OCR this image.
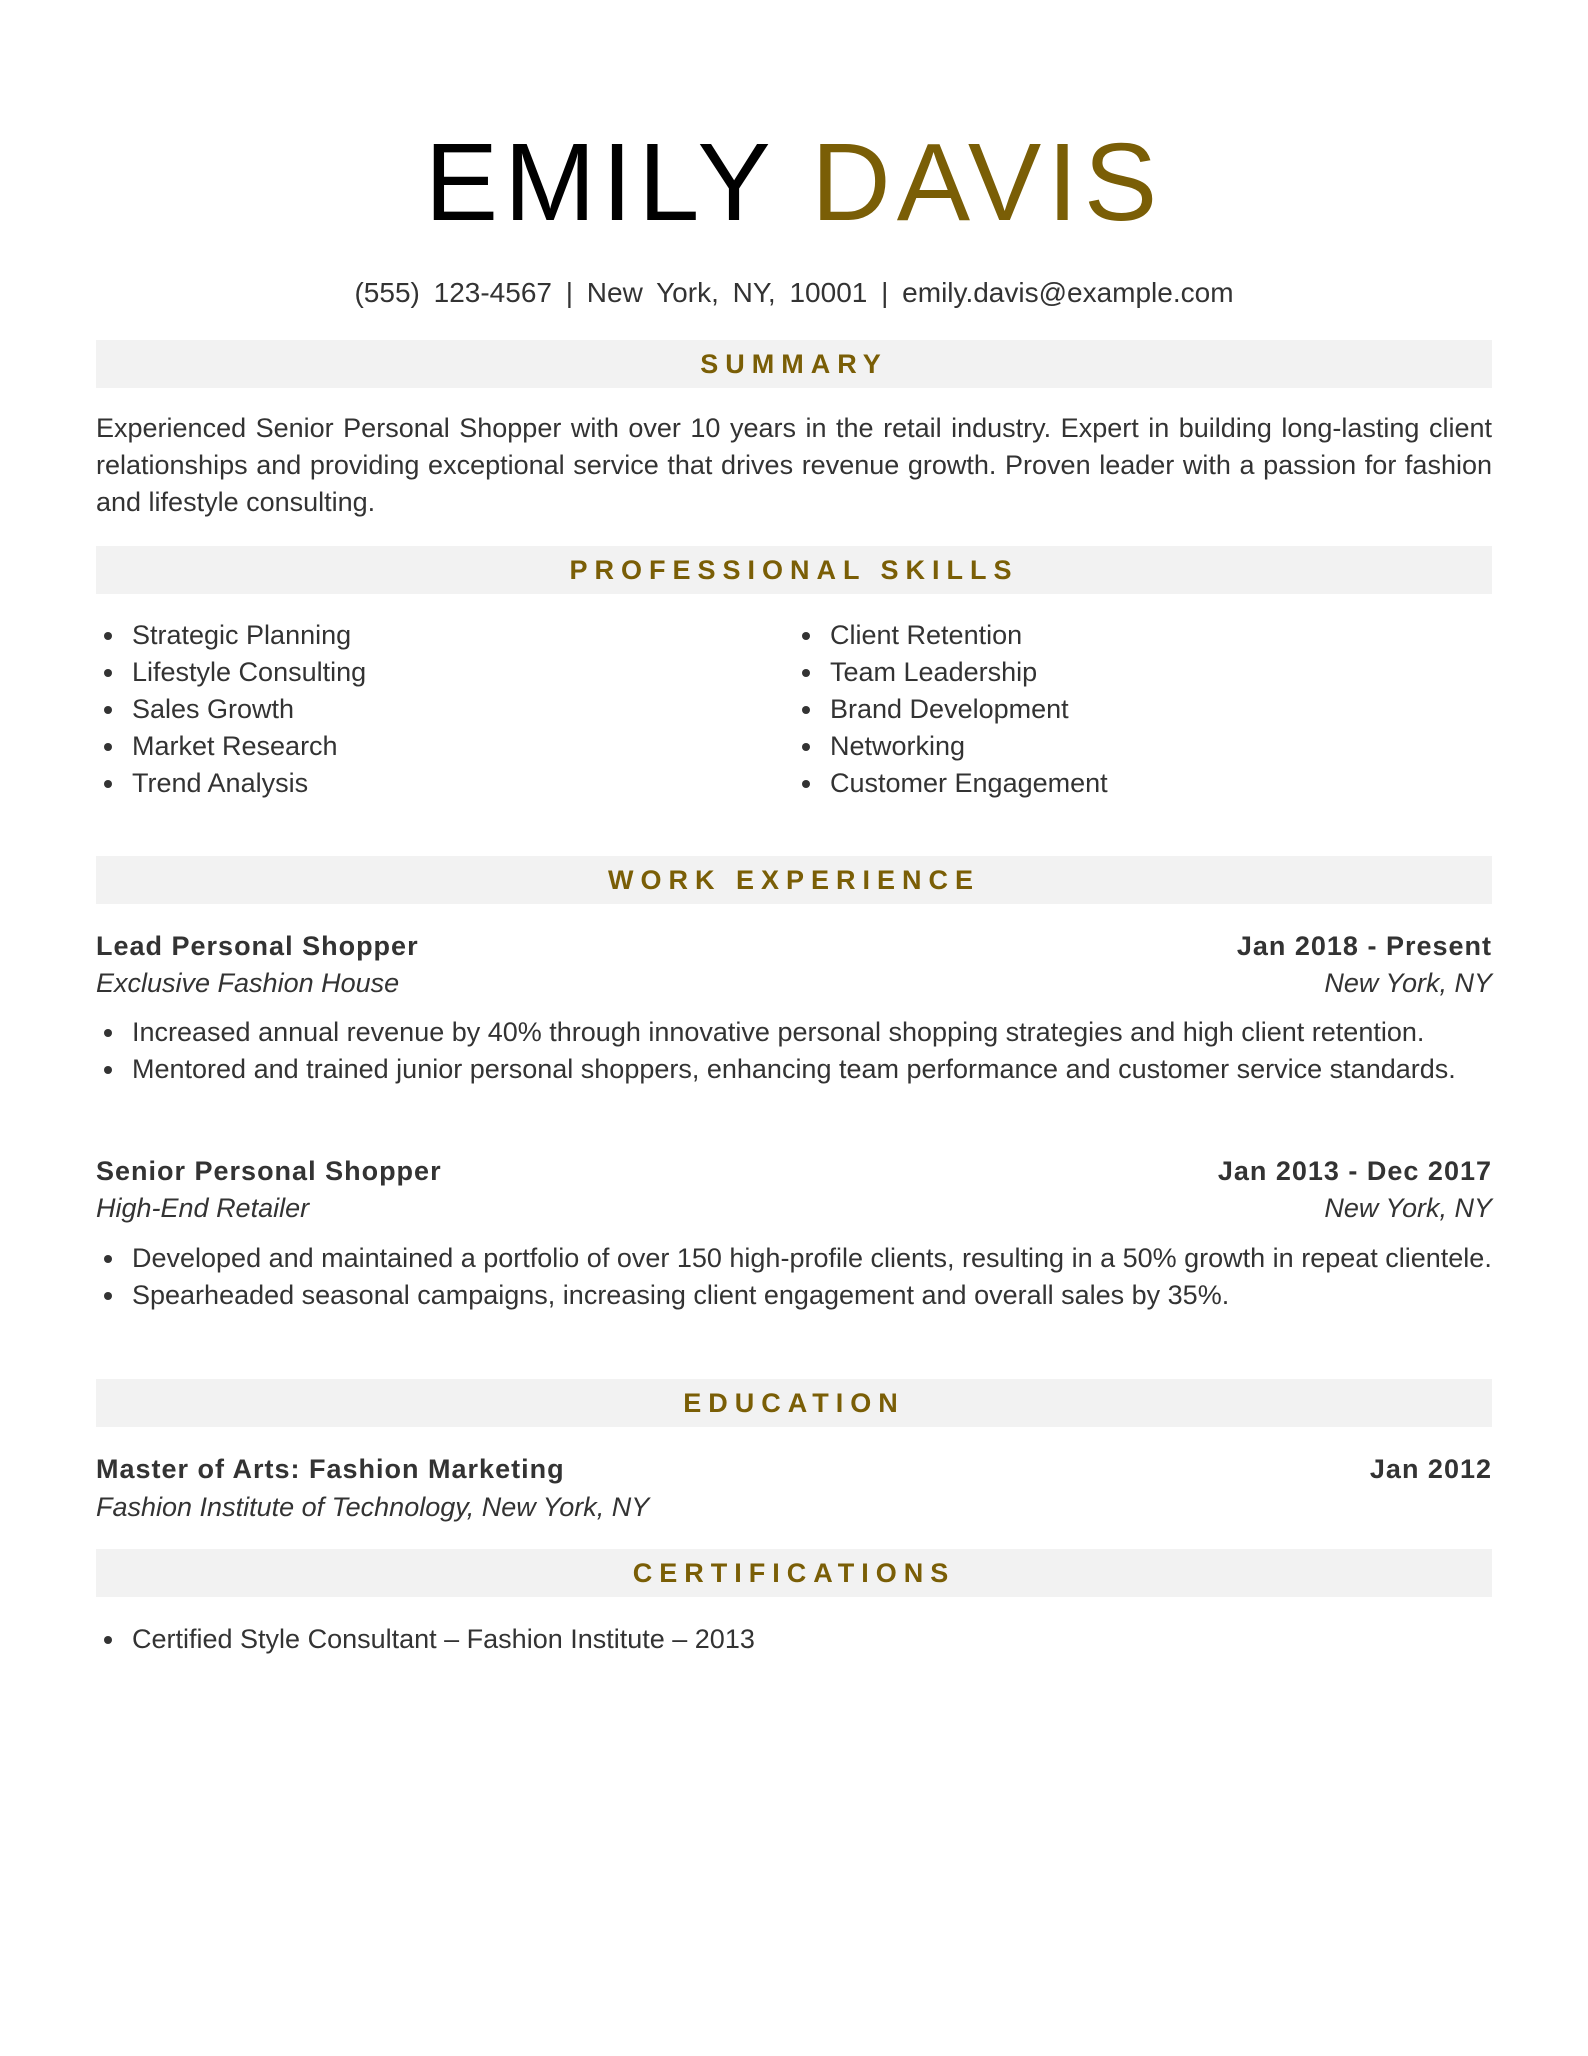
EMILY DAVIS
(555) 123-4567 | New York, NY, 10001 | emily.davis@example.com
SUMMARY
Experienced Senior Personal Shopper with over 10 years in the retail industry. Expert in building long-lasting client relationships and providing exceptional service that drives revenue growth. Proven leader with a passion for fashion and lifestyle consulting.
PROFESSIONAL SKILLS
Strategic Planning
Lifestyle Consulting
Sales Growth
Market Research
Trend Analysis
Client Retention
Team Leadership
Brand Development
Networking
Customer Engagement
WORK EXPERIENCE
Lead Personal Shopper	Jan 2018 - Present
Exclusive Fashion House	New York, NY
Increased annual revenue by 40% through innovative personal shopping strategies and high client retention.
Mentored and trained junior personal shoppers, enhancing team performance and customer service standards.
Senior Personal Shopper	Jan 2013 - Dec 2017
High-End Retailer	New York, NY
Developed and maintained a portfolio of over 150 high-profile clients, resulting in a 50% growth in repeat clientele.
Spearheaded seasonal campaigns, increasing client engagement and overall sales by 35%.
EDUCATION
Master of Arts: Fashion Marketing	Jan 2012
Fashion Institute of Technology, New York, NY
CERTIFICATIONS
Certified Style Consultant – Fashion Institute – 2013
